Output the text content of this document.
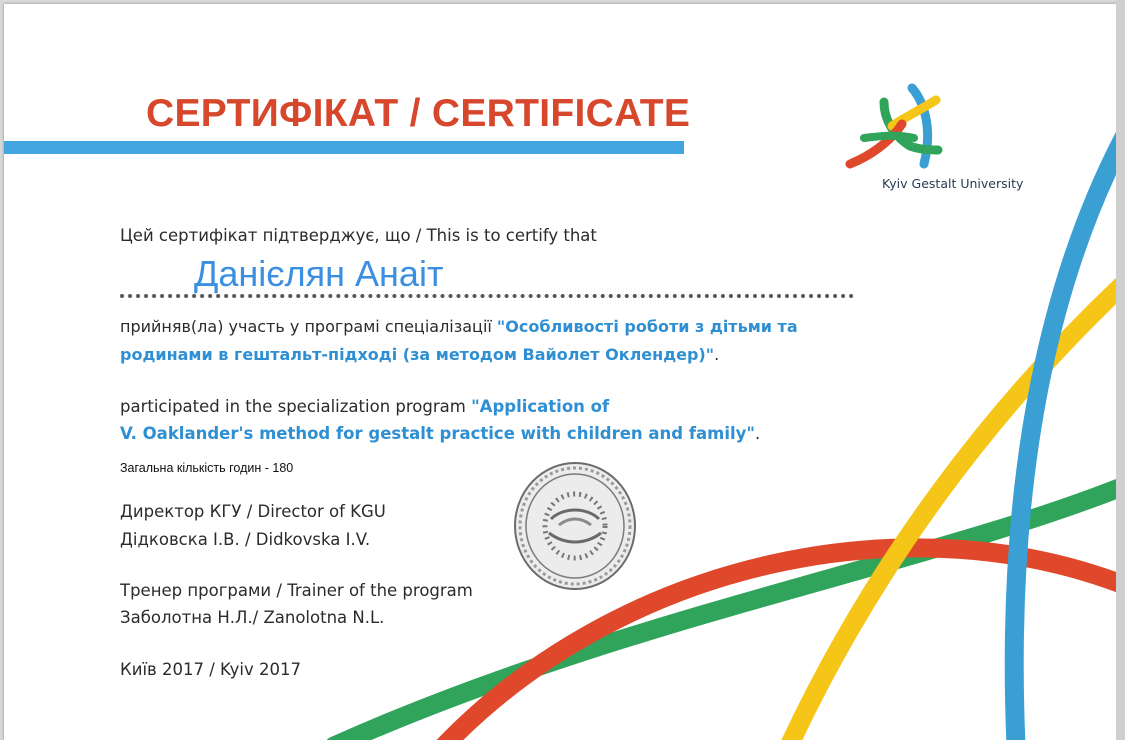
СЕРТИФІКАТ / CERTIFICATE
Kyiv Gestalt University
Цей сертифікат підтверджує, що / This is to certify that
Данієлян Анаіт
прийняв(ла) участь у програмі спеціалізації "Особливості роботи з дітьми та
родинами в гештальт-підході (за методом Вайолет Оклендер)".
participated in the specialization program "Application of
V. Oaklander's method for gestalt practice with children and family".
Загальна кількість годин - 180
Директор КГУ / Director of KGU
Дідковска І.В. / Didkovska I.V.
Тренер програми / Trainer of the program
Заболотна Н.Л./ Zanolotna N.L.
Київ 2017 / Kyiv 2017
